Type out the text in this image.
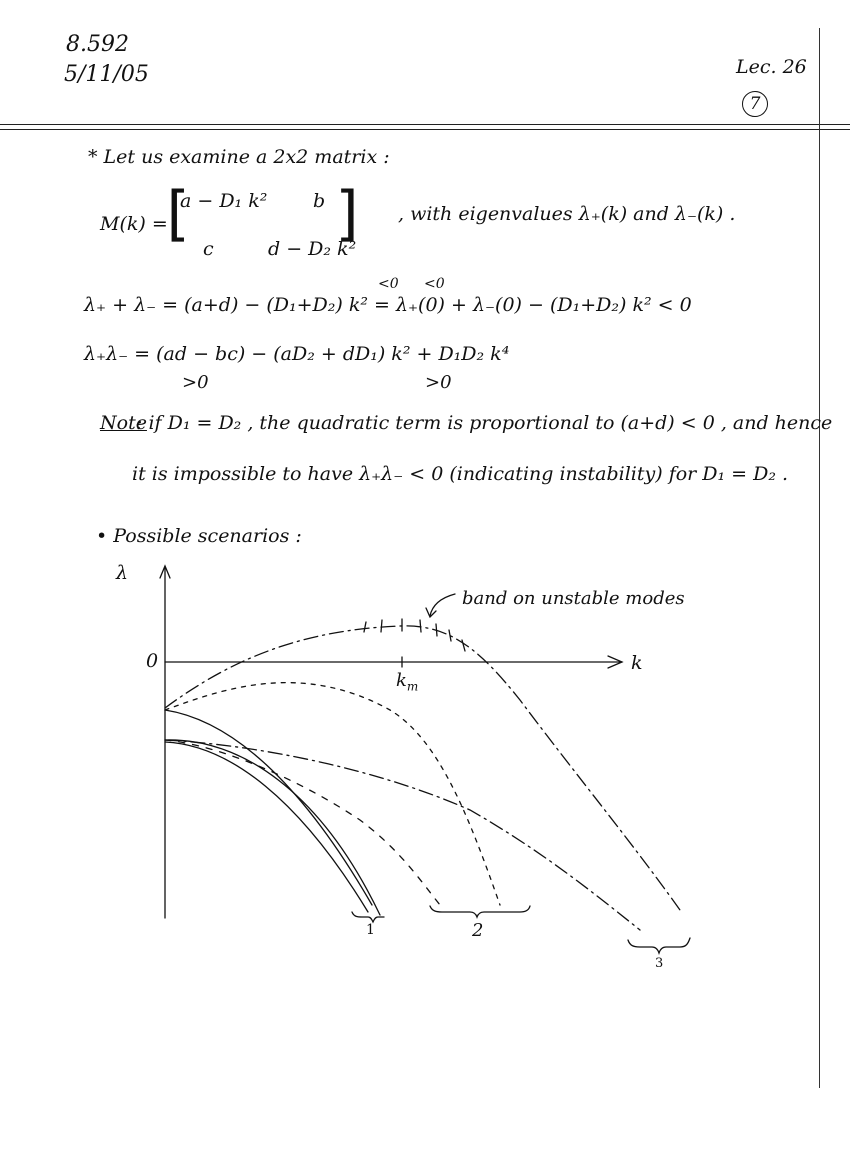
8.592
5/11/05	Lec. 26
7
* Let us examine a 2x2 matrix :
M(k) =
[
a − D₁ k² b
c	d − D₂ k²
] , with eigenvalues λ₊(k) and λ₋(k) .
<0 <0
λ₊ + λ₋ = (a+d) − (D₁+D₂) k² = λ₊(0) + λ₋(0) − (D₁+D₂) k² < 0
λ₊λ₋ = (ad − bc) − (aD₂ + dD₁) k² + D₁D₂ k⁴
>0	>0
Note
: if D₁ = D₂ , the quadratic term is proportional to (a+d) < 0 , and hence
it is impossible to have λ₊λ₋ < 0 (indicating instability) for D₁ = D₂ .
• Possible scenarios :
λ
0	k
$k_m$
band on unstable modes
1	2
3
